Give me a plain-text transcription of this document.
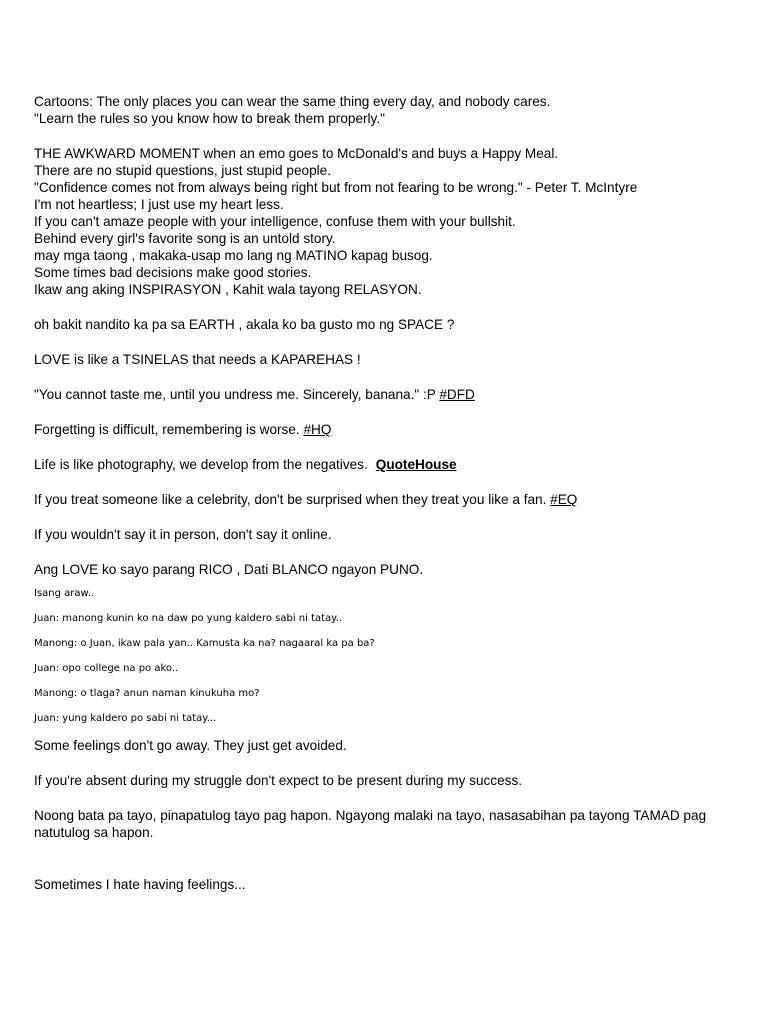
Cartoons: The only places you can wear the same thing every day, and nobody cares.
"Learn the rules so you know how to break them properly."
THE AWKWARD MOMENT when an emo goes to McDonald's and buys a Happy Meal.
There are no stupid questions, just stupid people.
"Confidence comes not from always being right but from not fearing to be wrong." - Peter T. McIntyre
I'm not heartless; I just use my heart less.
If you can't amaze people with your intelligence, confuse them with your bullshit.
Behind every girl's favorite song is an untold story.
may mga taong , makaka-usap mo lang ng MATINO kapag busog.
Some times bad decisions make good stories.
Ikaw ang aking INSPIRASYON , Kahit wala tayong RELASYON.
oh bakit nandito ka pa sa EARTH , akala ko ba gusto mo ng SPACE ?
LOVE is like a TSINELAS that needs a KAPAREHAS !
"You cannot taste me, until you undress me. Sincerely, banana." :P #DFD
Forgetting is difficult, remembering is worse. #HQ
Life is like photography, we develop from the negatives. QuoteHouse
If you treat someone like a celebrity, don't be surprised when they treat you like a fan. #EQ
If you wouldn't say it in person, don't say it online.
Ang LOVE ko sayo parang RICO , Dati BLANCO ngayon PUNO.
Isang araw..
Juan: manong kunin ko na daw po yung kaldero sabi ni tatay..
Manong: o Juan, ikaw pala yan.. Kamusta ka na? nagaaral ka pa ba?
Juan: opo college na po ako..
Manong: o tlaga? anun naman kinukuha mo?
Juan: yung kaldero po sabi ni tatay...
Some feelings don't go away. They just get avoided.
If you're absent during my struggle don't expect to be present during my success.
Noong bata pa tayo, pinapatulog tayo pag hapon. Ngayong malaki na tayo, nasasabihan pa tayong TAMAD pag natutulog sa hapon.
Sometimes I hate having feelings...
